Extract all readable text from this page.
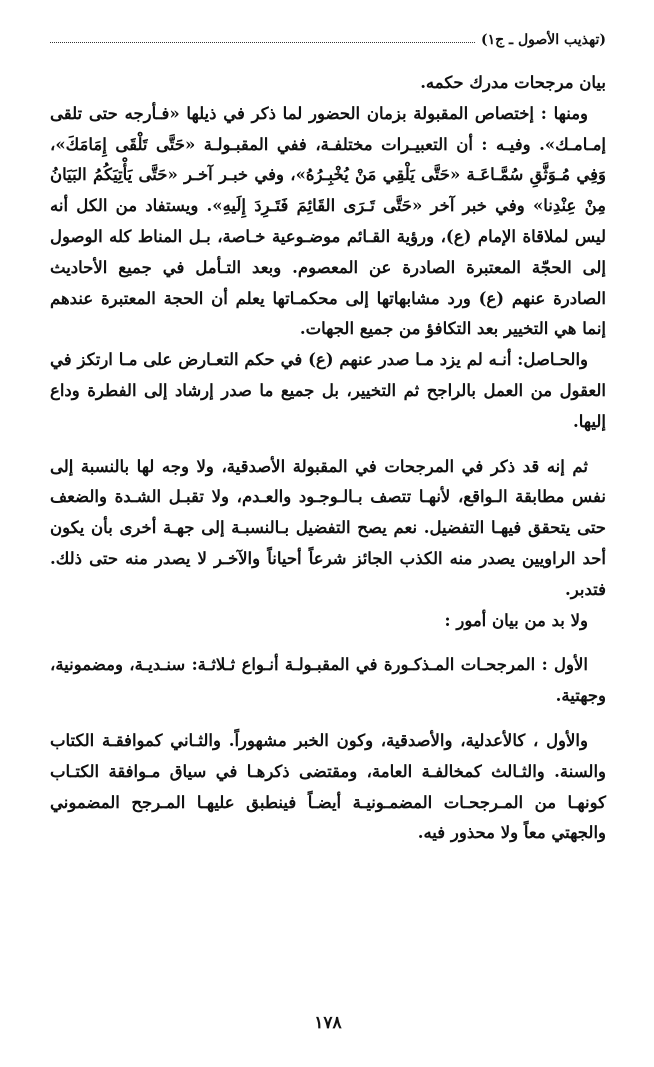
(تهذيب الأصول ـ ج١)

بيان مرجحات مدرك حكمه.

ومنها : إختصاص المقبولة بزمان الحضور لما ذكر في ذيلها «فـأرجه حتى تلقى إمـامـك». وفيـه : أن التعبيـرات مختلفـة، ففي المقبـولـة «حَتَّى تَلْقَى إِمَامَكَ»، وَفِي مُـوَثَّقِ سُمَّـاعَـة «حَتَّى يَلْقِي مَنْ يُخْبِـرُهُ»، وفي خبـر آخـر «حَتَّى يَأْتِيَكُمُ البَيَانُ مِنْ عِنْدِنا» وفي خبر آخر «حَتَّى تَـرَى القَائِمَ فَتَـرِدَ إِلَيهِ». ويستفاد من الكل أنه ليس لملاقاة الإمام (ع)، ورؤية القـائم موضـوعية خـاصة، بـل المناط كله الوصول إلى الحجّة المعتبرة الصادرة عن المعصوم. وبعد التـأمل في جميع الأحاديث الصادرة عنهم (ع) ورد مشابهاتها إلى محكمـاتها يعلم أن الحجة المعتبرة عندهم إنما هي التخيير بعد التكافؤ من جميع الجهات.

والحـاصل: أنـه لم يزد مـا صدر عنهم (ع) في حكم التعـارض على مـا ارتكز في العقول من العمل بالراجح ثم التخيير، بل جميع ما صدر إرشاد إلى الفطرة وداع إليها.

ثم إنه قد ذكر في المرجحات في المقبولة الأصدقية، ولا وجه لها بالنسبة إلى نفس مطابقة الـواقع، لأنهـا تتصف بـالـوجـود والعـدم، ولا تقبـل الشـدة والضعف حتى يتحقق فيهـا التفضيل. نعم يصح التفضيل بـالنسبـة إلى جهـة أخرى بأن يكون أحد الراويين يصدر منه الكذب الجائز شرعاً أحياناً والآخـر لا يصدر منه حتى ذلك. فتدبر.

ولا بد من بيان أمور :

الأول : المرجحـات المـذكـورة في المقبـولـة أنـواع ثـلاثـة: سنـديـة، ومضمونية، وجهتية.

والأول ، كالأعدلية، والأصدقية، وكون الخبر مشهوراً. والثـاني كموافقـة الكتاب والسنة. والثـالث كمخالفـة العامة، ومقتضى ذكرهـا في سياق مـوافقة الكتـاب كونهـا من المـرجحـات المضمـونيـة أيضـاً فينطبق عليهـا المـرجح المضموني والجهتي معاً ولا محذور فيه.

١٧٨
